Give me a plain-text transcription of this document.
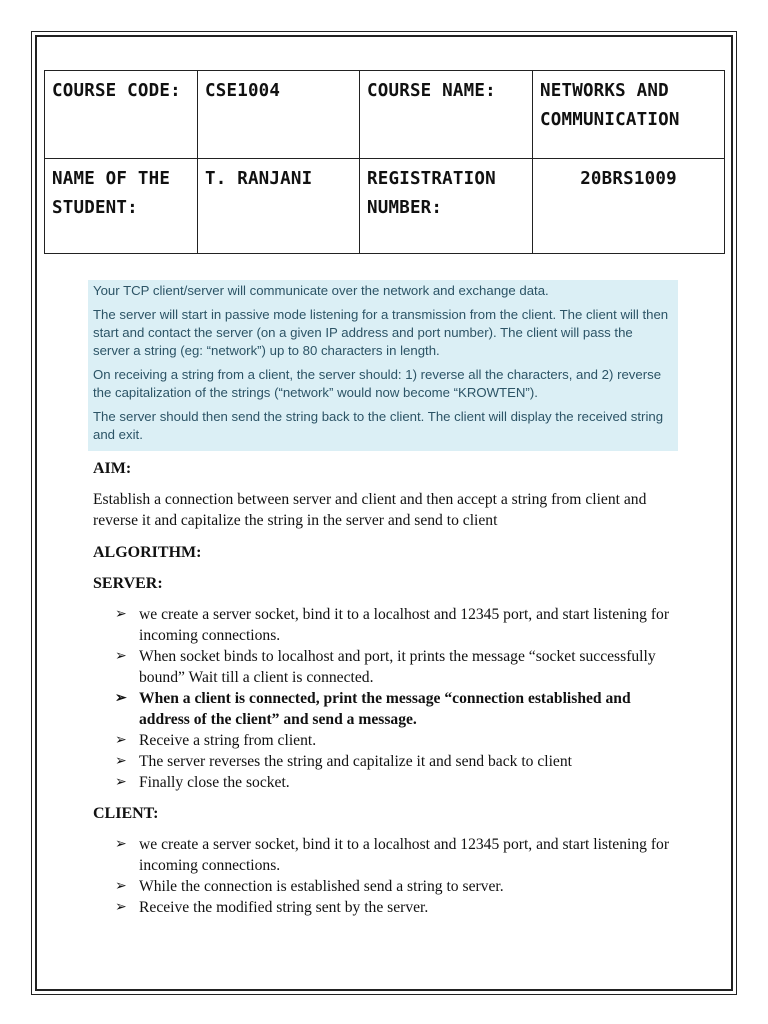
COURSE CODE:	CSE1004	COURSE NAME:	NETWORKS AND COMMUNICATION
NAME OF THE STUDENT:	T. RANJANI	REGISTRATION NUMBER:	20BRS1009

Your TCP client/server will communicate over the network and exchange data.

The server will start in passive mode listening for a transmission from the client. The client will then start and contact the server (on a given IP address and port number). The client will pass the server a string (eg: “network”) up to 80 characters in length.

On receiving a string from a client, the server should: 1) reverse all the characters, and 2) reverse the capitalization of the strings (“network” would now become “KROWTEN”).

The server should then send the string back to the client. The client will display the received string and exit.

AIM:

Establish a connection between server and client and then accept a string from client and reverse it and capitalize the string in the server and send to client

ALGORITHM:
SERVER:
➢ we create a server socket, bind it to a localhost and 12345 port, and start listening for incoming connections.
➢ When socket binds to localhost and port, it prints the message “socket successfully bound” Wait till a client is connected.
➢ When a client is connected, print the message “connection established and address of the client” and send a message.
➢ Receive a string from client.
➢ The server reverses the string and capitalize it and send back to client
➢ Finally close the socket.
CLIENT:
➢ we create a server socket, bind it to a localhost and 12345 port, and start listening for incoming connections.
➢ While the connection is established send a string to server.
➢ Receive the modified string sent by the server.
